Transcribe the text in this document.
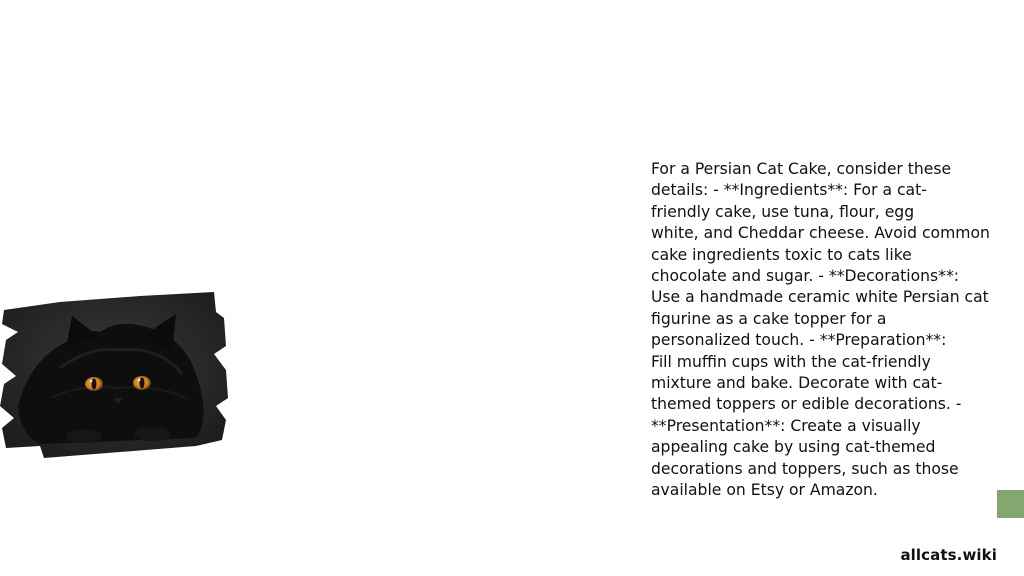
For a Persian Cat Cake, consider these
details: - **Ingredients**: For a cat-
friendly cake, use tuna, flour, egg
white, and Cheddar cheese. Avoid common
cake ingredients toxic to cats like
chocolate and sugar. - **Decorations**:
Use a handmade ceramic white Persian cat
figurine as a cake topper for a
personalized touch. - **Preparation**:
Fill muffin cups with the cat-friendly
mixture and bake. Decorate with cat-
themed toppers or edible decorations. -
**Presentation**: Create a visually
appealing cake by using cat-themed
decorations and toppers, such as those
available on Etsy or Amazon.

allcats.wiki
